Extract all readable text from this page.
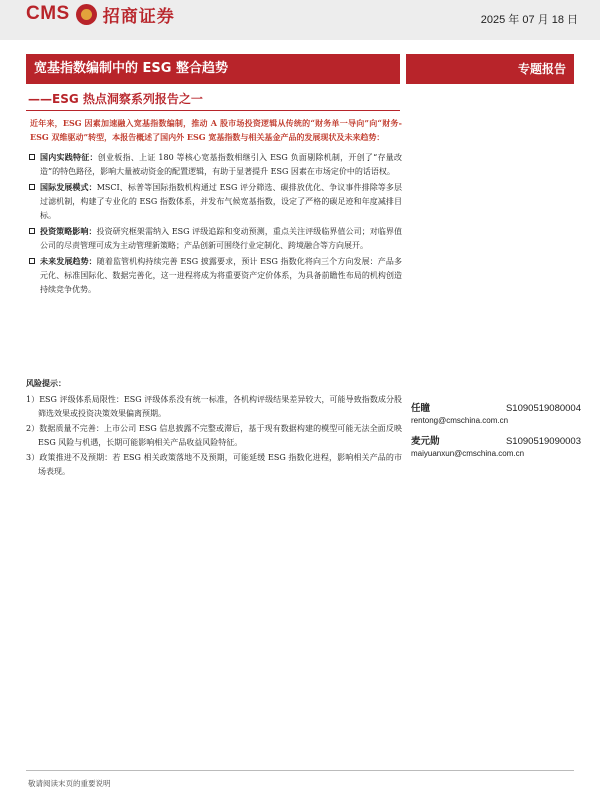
CMS 招商证券	2025 年 07 月 18 日
宽基指数编制中的 ESG 整合趋势	专题报告
——ESG 热点洞察系列报告之一

近年来，ESG 因素加速融入宽基指数编制，推动 A 股市场投资逻辑从传统的“财务单一导向”向“财务-ESG 双维驱动”转型，本报告概述了国内外 ESG 宽基指数与相关基金产品的发展现状及未来趋势：

国内实践特征：创业板指、上证 180 等核心宽基指数相继引入 ESG 负面剔除机制，开创了“存量改造”的特色路径，影响大量被动资金的配置逻辑，有助于显著提升 ESG 因素在市场定价中的话语权。
国际发展模式：MSCI、标普等国际指数机构通过 ESG 评分筛选、碳排放优化、争议事件排除等多层过滤机制，构建了专业化的 ESG 指数体系，并发布气候宽基指数，设定了严格的碳足迹和年度减排目标。
投资策略影响：投资研究框架需纳入 ESG 评级追踪和变动预测，重点关注评级临界值公司；对临界值公司的尽责管理可成为主动管理新策略；产品创新可围绕行业定制化、跨境融合等方向展开。
未来发展趋势：随着监管机构持续完善 ESG 披露要求，预计 ESG 指数化将向三个方向发展：产品多元化、标准国际化、数据完善化，这一进程将成为将重要资产定价体系，为具备前瞻性布局的机构创造持续竞争优势。
风险提示：

1）ESG 评级体系局限性：ESG 评级体系没有统一标准，各机构评级结果差异较大，可能导致指数成分股筛选效果或投资决策效果偏离预期。

2）数据质量不完善：上市公司 ESG 信息披露不完整或滞后，基于现有数据构建的模型可能无法全面反映 ESG 风险与机遇，长期可能影响相关产品收益风险特征。

3）政策推进不及预期：若 ESG 相关政策落地不及预期，可能延缓 ESG 指数化进程，影响相关产品的市场表现。

任瞳	S1090519080004
rentong@cmschina.com.cn
麦元勋	S1090519090003
maiyuanxun@cmschina.com.cn
敬请阅读末页的重要说明
